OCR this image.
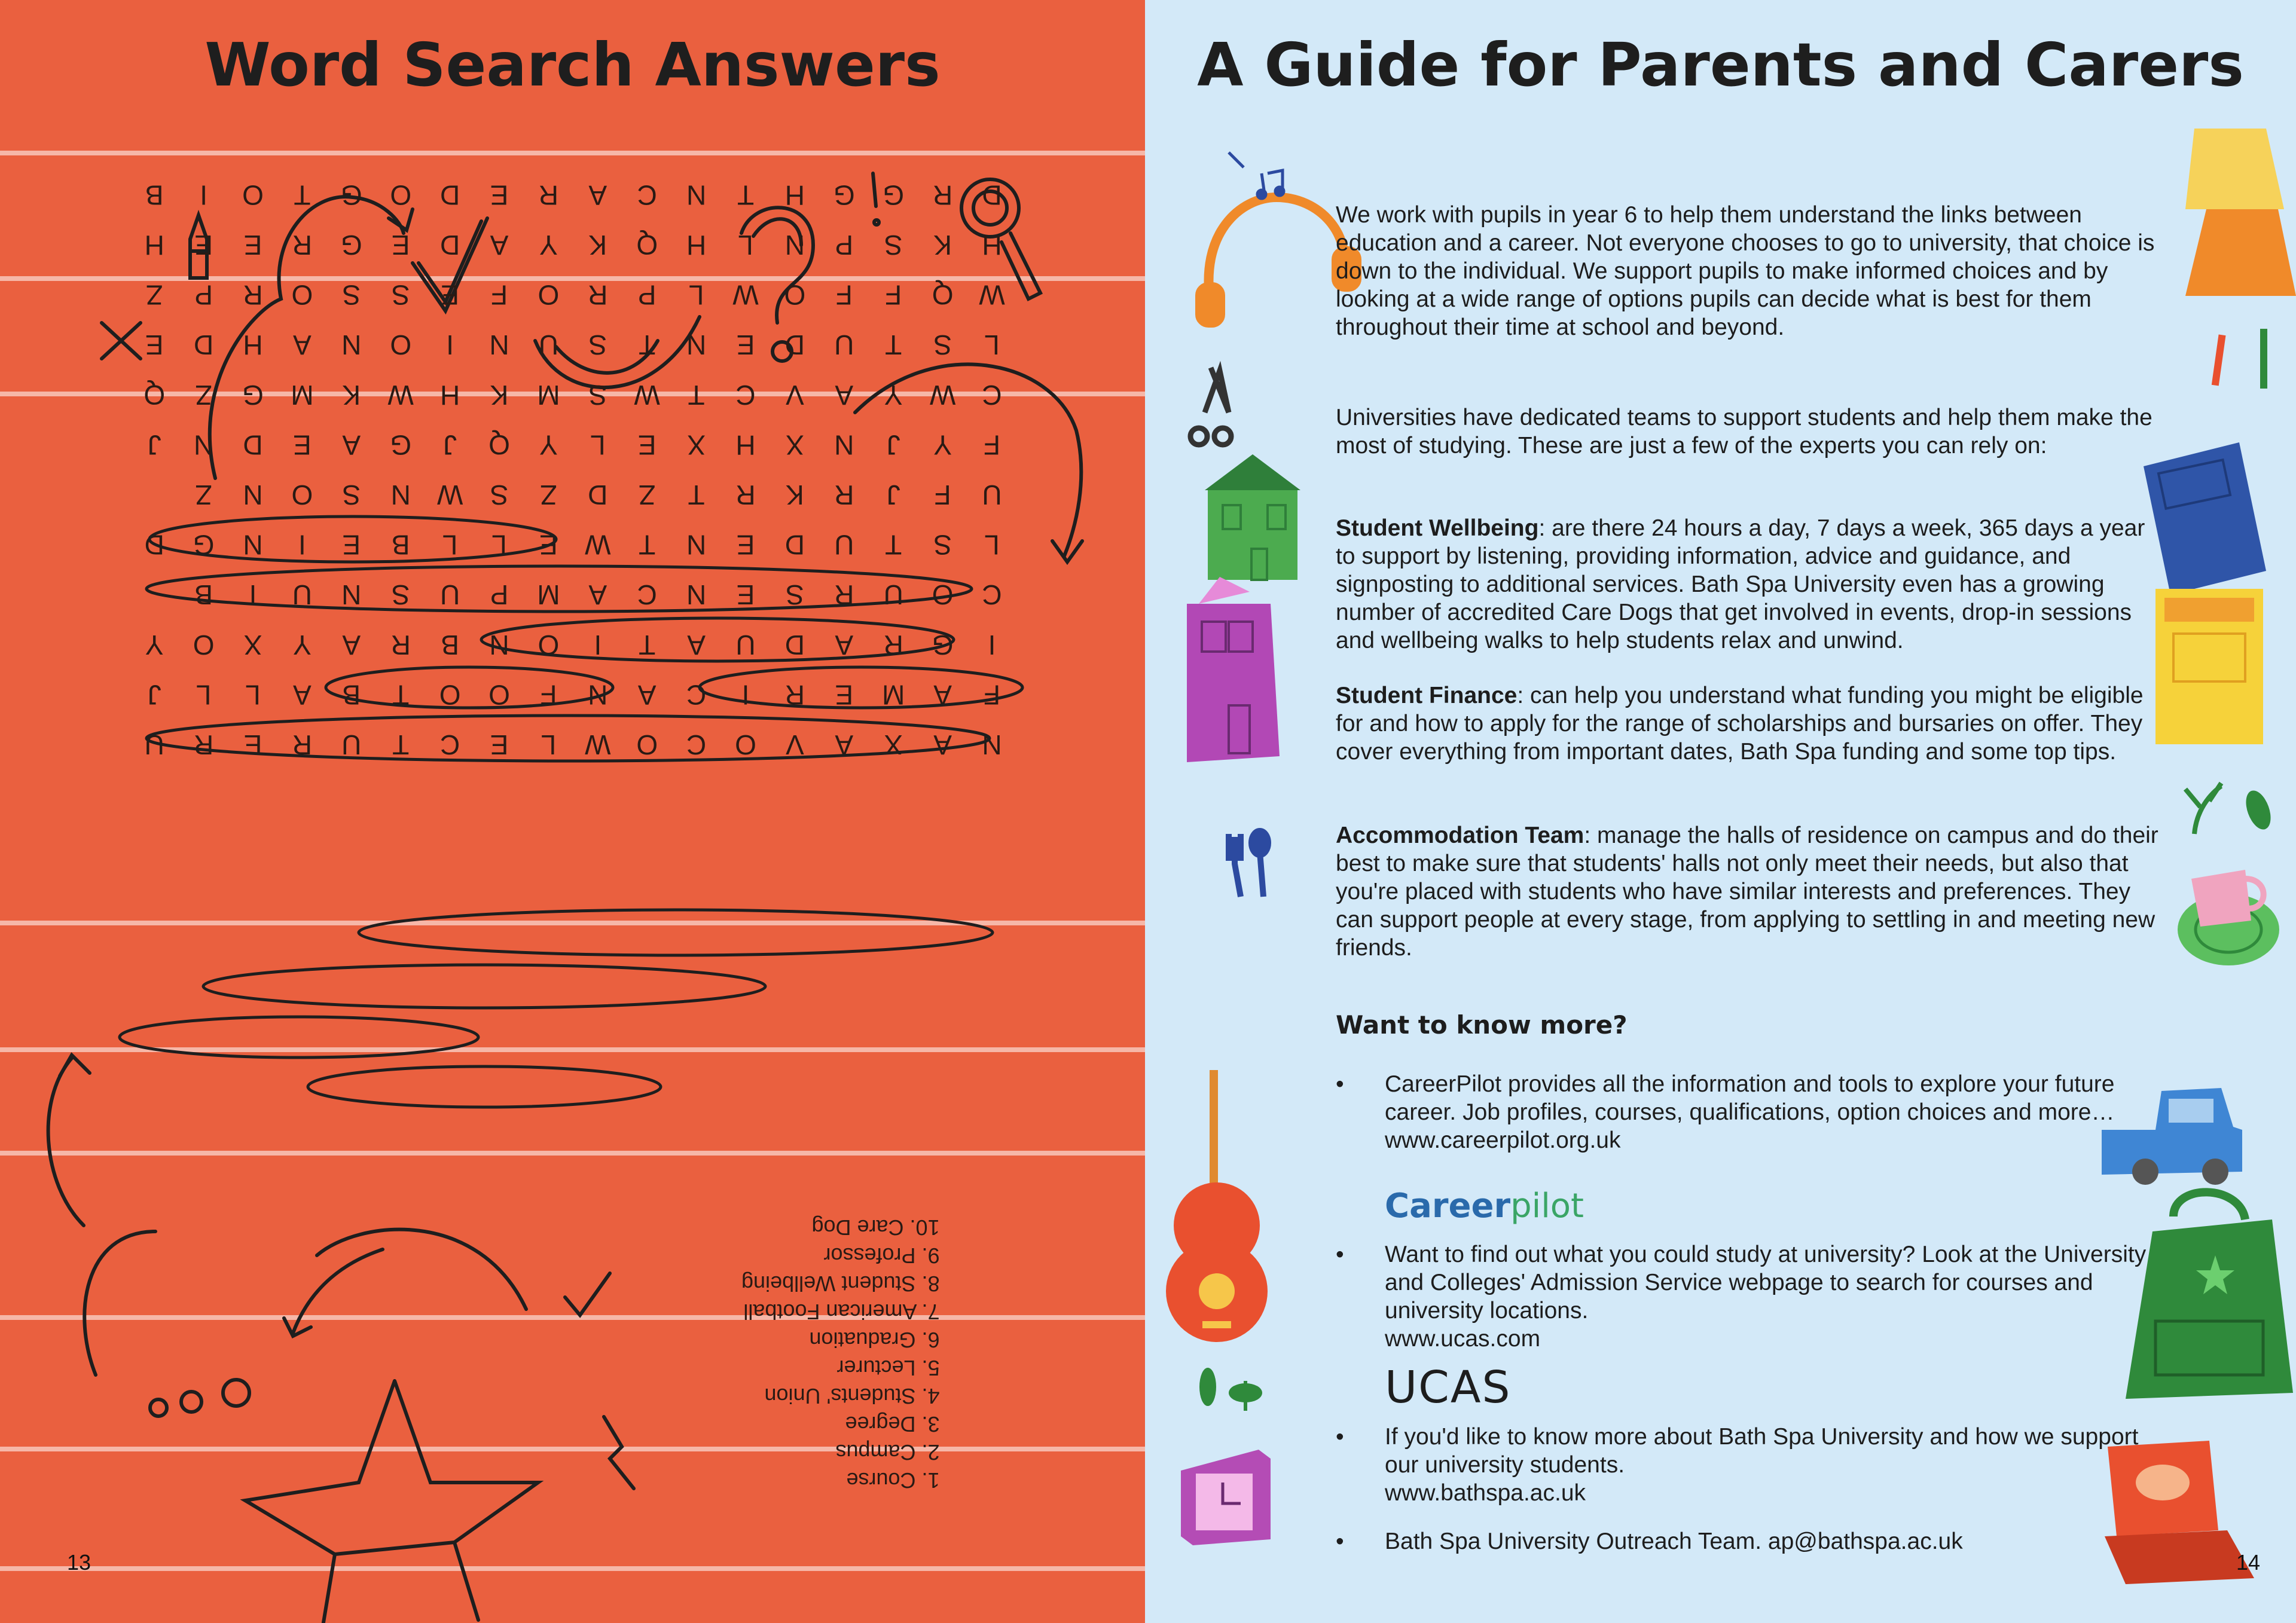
Word Search Answers
N
A
X
A
V
O
C
O
W
L
E
C
T
U
R
E
R
U
F
A
M
E
R
I
C
A
N
F
O
O
T
B
A
L
L
J
I
G
R
A
D
U
A
T
I
O
N
B
R
A
Y
X
O
Y
C
O
U
R
S
E
N
C
A
M
P
U
S
N
U
I
B
L
S
T
U
D
E
N
T
W
E
L
L
B
E
I
N
G
D
U
F
J
R
K
R
T
Z
D
Z
S
W
N
S
O
N
Z
F
Y
J
N
X
H
X
E
L
Y
Q
J
G
A
E
D
N
J
C
W
Y
A
V
C
T
W
S
M
K
H
W
K
M
G
Z
Q
L
S
T
U
D
E
N
T
S
U
N
I
O
N
A
H
D
E
W
Q
F
F
O
W
L
P
R
O
F
E
S
S
O
R
P
Z
H
K
S
P
N
L
H
Q
K
Y
A
D
E
G
R
E
E
H
D
R
G
G
H
T
N
C
A
R
E
D
O
G
T
O
I
B
1. Course
2. Campus
3. Degree
4. Students' Union
5. Lecturer
6. Graduation
7. American Football
8. Student Wellbeing
9. Professor
10. Care Dog
13
A Guide for Parents and Carers

We work with pupils in year 6 to help them understand the links between education and a career. Not everyone chooses to go to university, that choice is down to the individual. We support pupils to make informed choices and by looking at a wide range of options pupils can decide what is best for them throughout their time at school and beyond.

Universities have dedicated teams to support students and help them make the most of studying. These are just a few of the experts you can rely on:

Student Wellbeing: are there 24 hours a day, 7 days a week, 365 days a year to support by listening, providing information, advice and guidance, and signposting to additional services. Bath Spa University even has a growing number of accredited Care Dogs that get involved in events, drop-in sessions and wellbeing walks to help students relax and unwind.

Student Finance: can help you understand what funding you might be eligible for and how to apply for the range of scholarships and bursaries on offer. They cover everything from important dates, Bath Spa funding and some top tips.

Accommodation Team: manage the halls of residence on campus and do their best to make sure that students' halls not only meet their needs, but also that you're placed with students who have similar interests and preferences. They can support people at every stage, from applying to settling in and meeting new friends.

Want to know more?
• CareerPilot provides all the information and tools to explore your future career. Job profiles, courses, qualifications, option choices and more…
www.careerpilot.org.uk
Careerpilot
• Want to find out what you could study at university? Look at the University and Colleges' Admission Service webpage to search for courses and university locations.
www.ucas.com
UCAS
• If you'd like to know more about Bath Spa University and how we support our university students.
www.bathspa.ac.uk
• Bath Spa University Outreach Team. ap@bathspa.ac.uk
14
